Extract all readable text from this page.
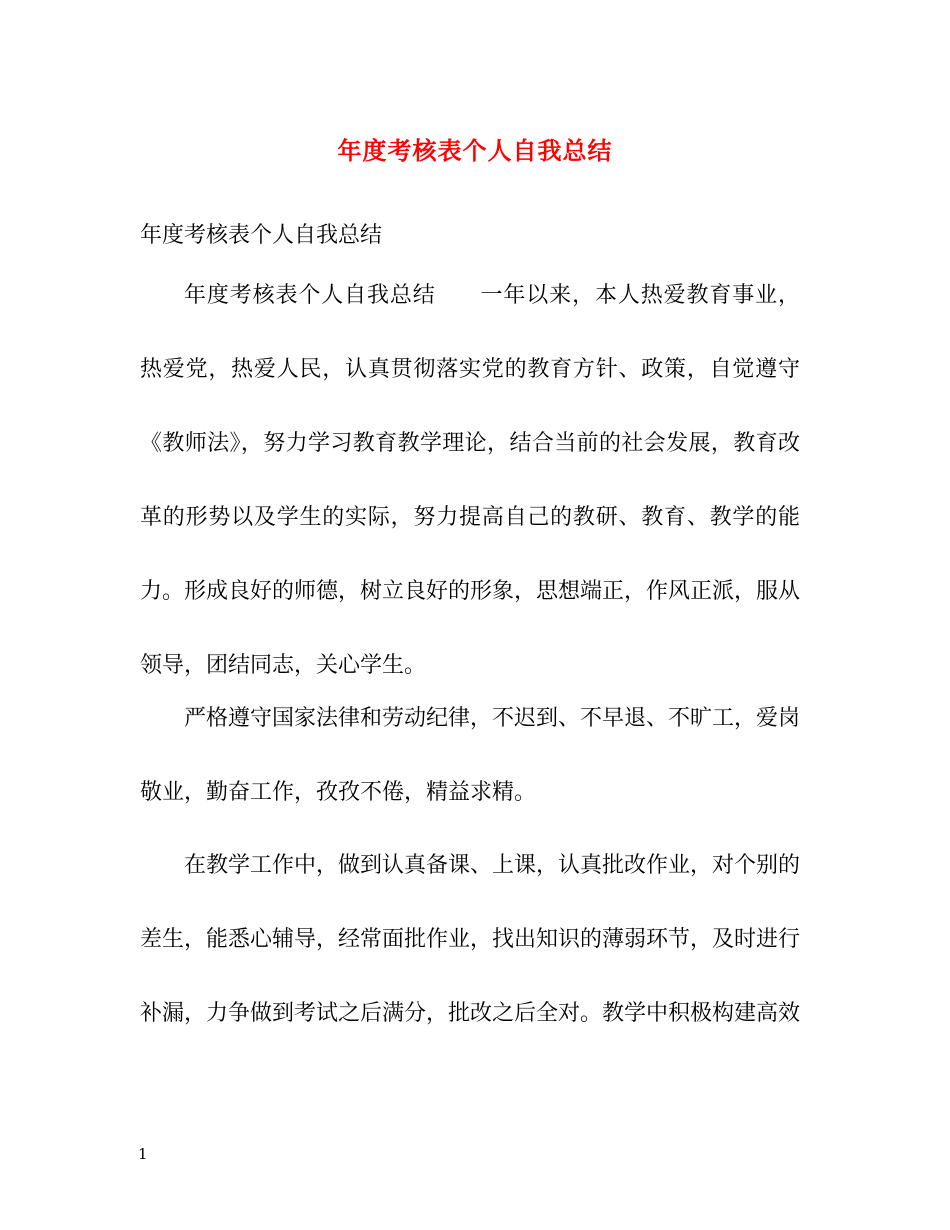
年度考核表个人自我总结

年度考核表个人自我总结

年度考核表个人自我总结 一年以来，本人热爱教育事业，热爱党，热爱人民，认真贯彻落实党的教育方针、政策，自觉遵守《教师法》，努力学习教育教学理论，结合当前的社会发展，教育改革的形势以及学生的实际，努力提高自己的教研、教育、教学的能力。形成良好的师德，树立良好的形象，思想端正，作风正派，服从领导，团结同志，关心学生。

严格遵守国家法律和劳动纪律，不迟到、不早退、不旷工，爱岗敬业，勤奋工作，孜孜不倦，精益求精。

在教学工作中，做到认真备课、上课，认真批改作业，对个别的差生，能悉心辅导，经常面批作业，找出知识的薄弱环节，及时进行补漏，力争做到考试之后满分，批改之后全对。教学中积极构建高效

1
